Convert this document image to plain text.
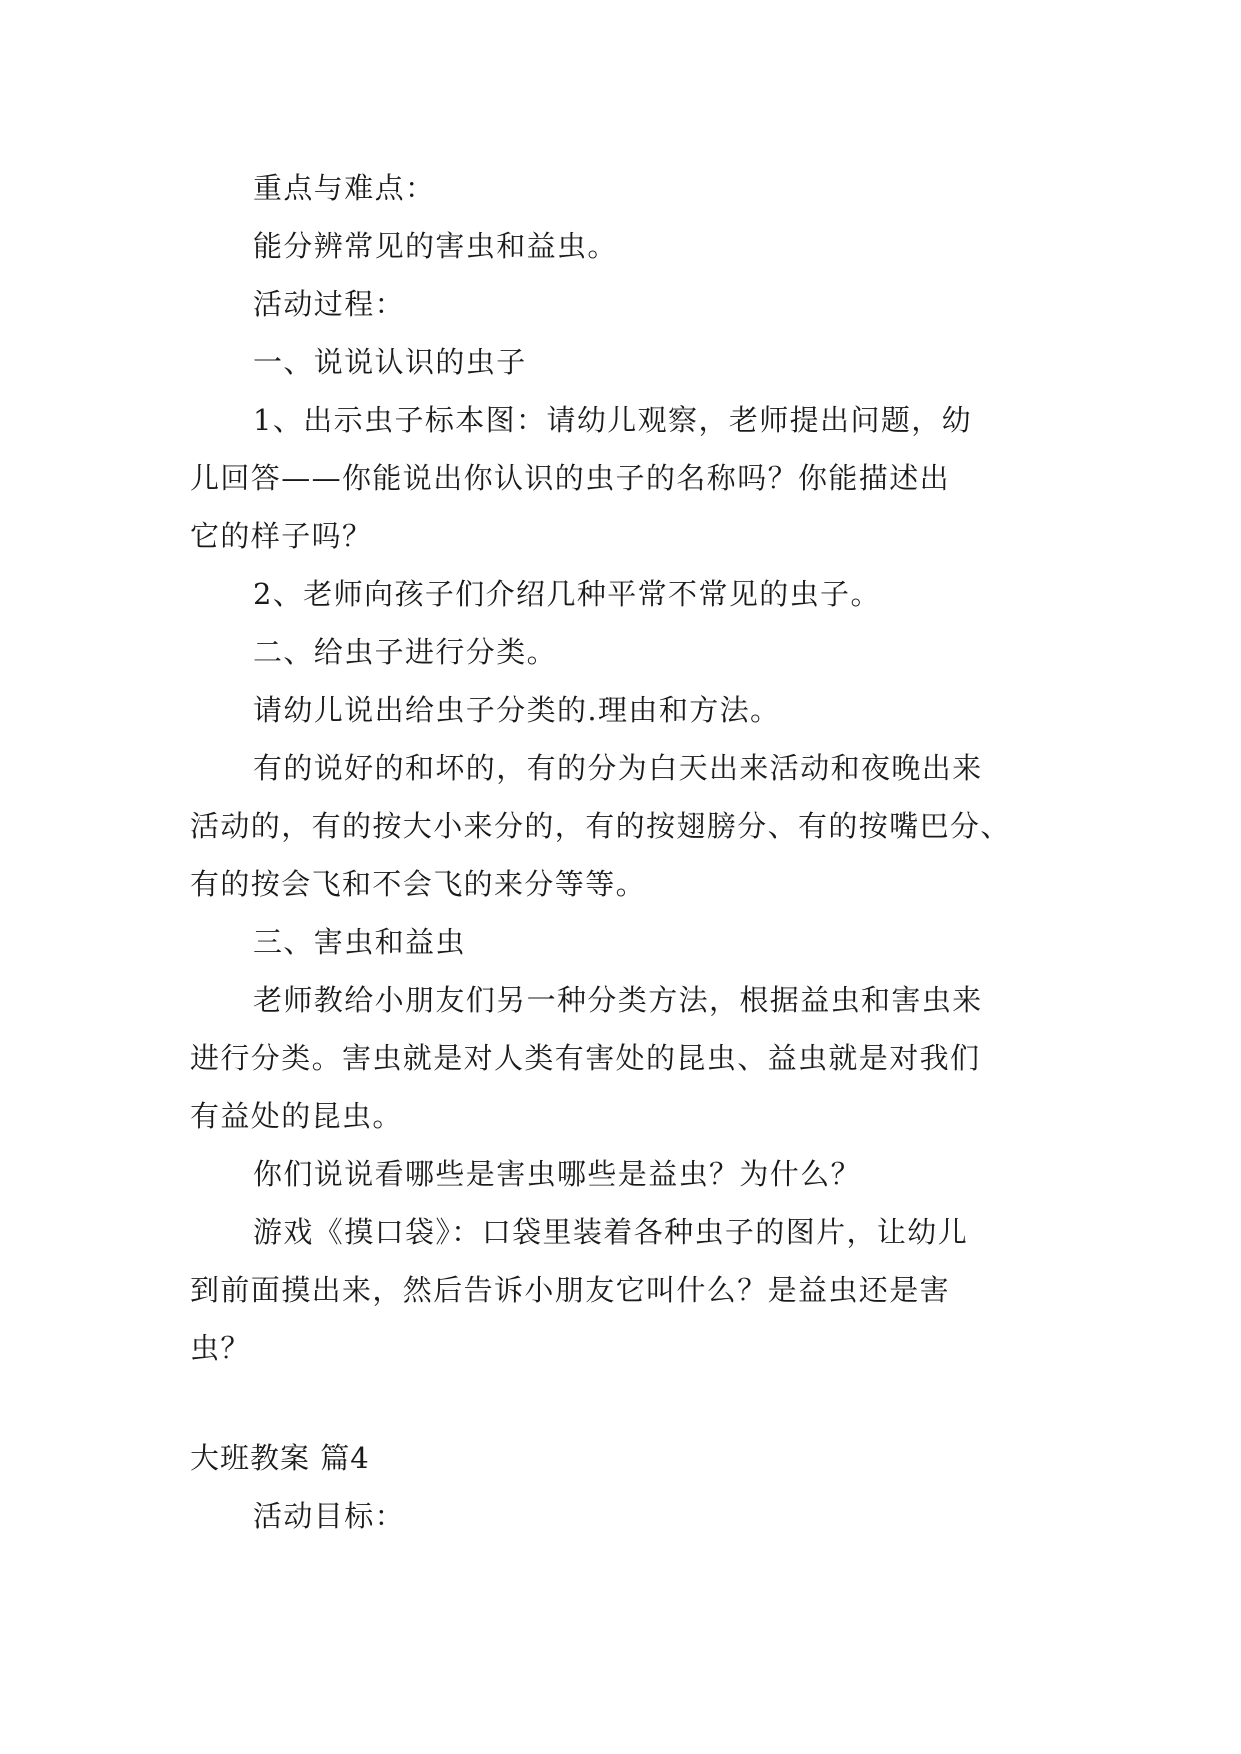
重点与难点：

能分辨常见的害虫和益虫。

活动过程：

一、说说认识的虫子

1、出示虫子标本图：请幼儿观察，老师提出问题，幼

儿回答——你能说出你认识的虫子的名称吗？你能描述出

它的样子吗？

2、老师向孩子们介绍几种平常不常见的虫子。

二、给虫子进行分类。

请幼儿说出给虫子分类的.理由和方法。

有的说好的和坏的，有的分为白天出来活动和夜晚出来

活动的，有的按大小来分的，有的按翅膀分、有的按嘴巴分、

有的按会飞和不会飞的来分等等。

三、害虫和益虫

老师教给小朋友们另一种分类方法，根据益虫和害虫来

进行分类。害虫就是对人类有害处的昆虫、益虫就是对我们

有益处的昆虫。

你们说说看哪些是害虫哪些是益虫？为什么？

游戏《摸口袋》：口袋里装着各种虫子的图片，让幼儿

到前面摸出来，然后告诉小朋友它叫什么？是益虫还是害

虫？

大班教案 篇4

活动目标：
